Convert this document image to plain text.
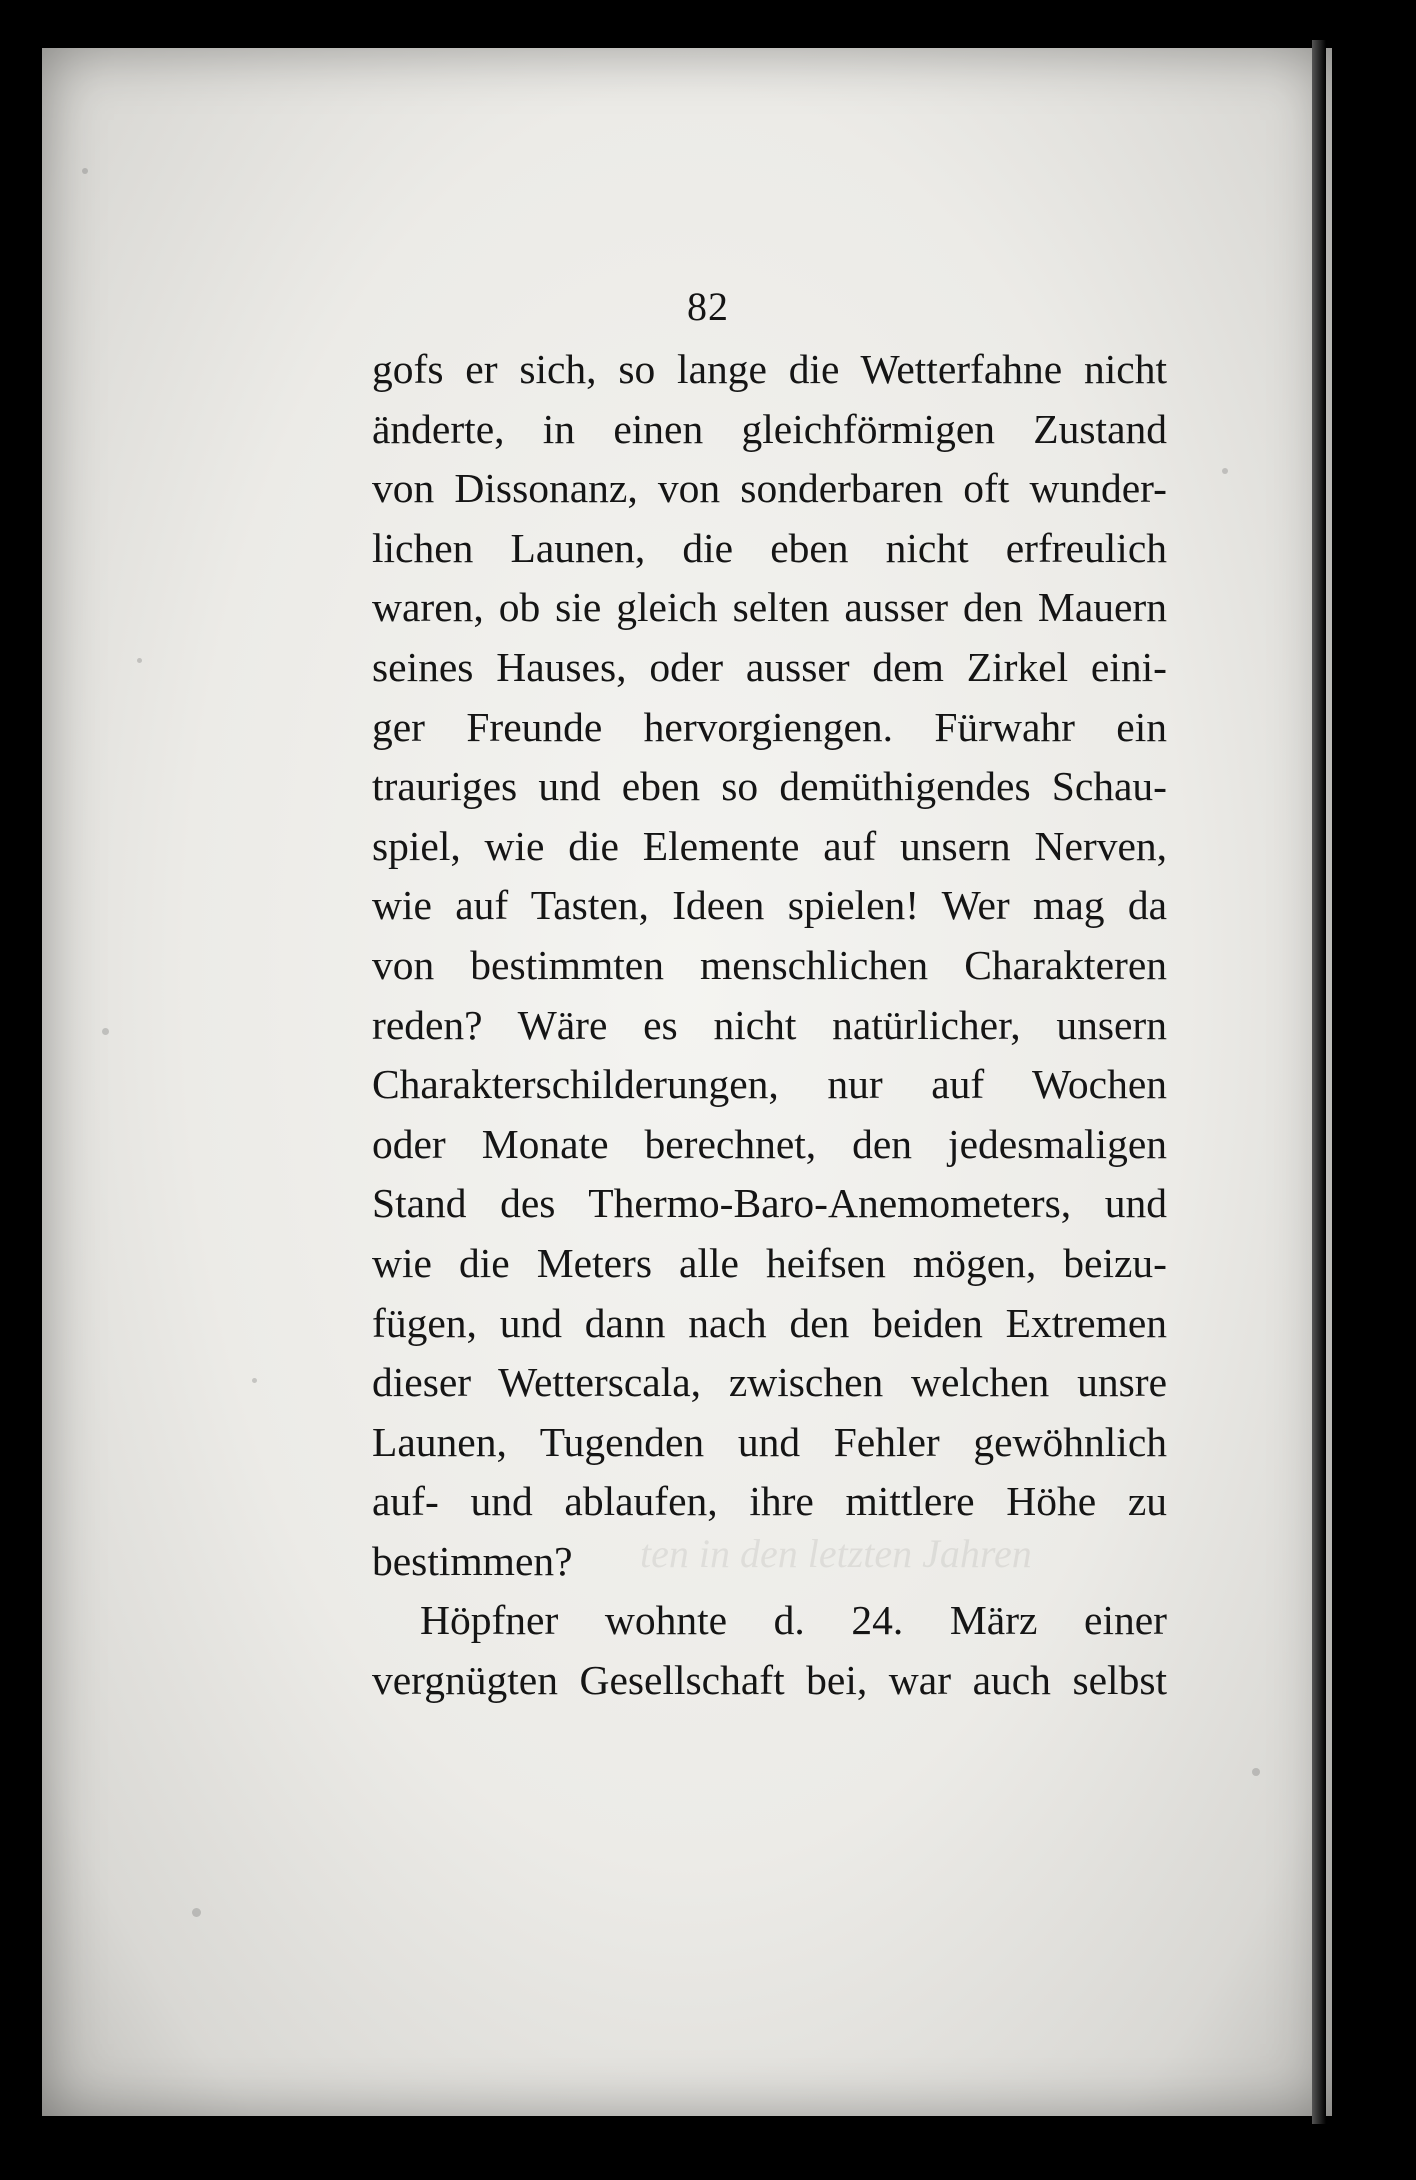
ten in den letzten Jahren
82
gofs er sich, so lange die Wetterfahne nicht
änderte, in einen gleichförmigen Zustand
von Dissonanz, von sonderbaren oft wunder-
lichen Launen, die eben nicht erfreulich
waren, ob sie gleich selten ausser den Mauern
seines Hauses, oder ausser dem Zirkel eini-
ger Freunde hervorgiengen. Fürwahr ein
trauriges und eben so demüthigendes Schau-
spiel, wie die Elemente auf unsern Nerven,
wie auf Tasten, Ideen spielen! Wer mag da
von bestimmten menschlichen Charakteren
reden? Wäre es nicht natürlicher, unsern
Charakterschilderungen, nur auf Wochen
oder Monate berechnet, den jedesmaligen
Stand des Thermo-Baro-Anemometers, und
wie die Meters alle heifsen mögen, beizu-
fügen, und dann nach den beiden Extremen
dieser Wetterscala, zwischen welchen unsre
Launen, Tugenden und Fehler gewöhnlich
auf- und ablaufen, ihre mittlere Höhe zu
bestimmen?
Höpfner wohnte d. 24. März einer
vergnügten Gesellschaft bei, war auch selbst
